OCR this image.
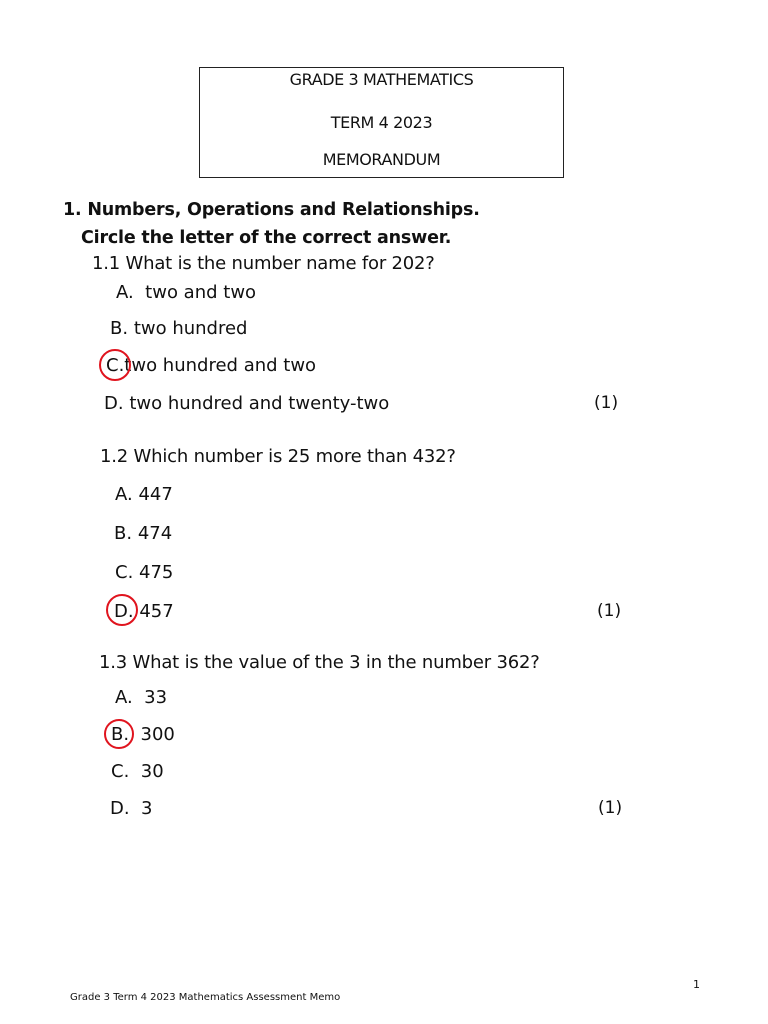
GRADE 3 MATHEMATICS
TERM 4 2023
MEMORANDUM
1. Numbers, Operations and Relationships.
Circle the letter of the correct answer.
1.1 What is the number name for 202?
A. two and two
B. two hundred
C.two hundred and two
D. two hundred and twenty-two	(1)
1.2 Which number is 25 more than 432?
A. 447
B. 474
C. 475
D. 457	(1)
1.3 What is the value of the 3 in the number 362?
A. 33
B. 300
C. 30
D. 3	(1)
1
Grade 3 Term 4 2023 Mathematics Assessment Memo
